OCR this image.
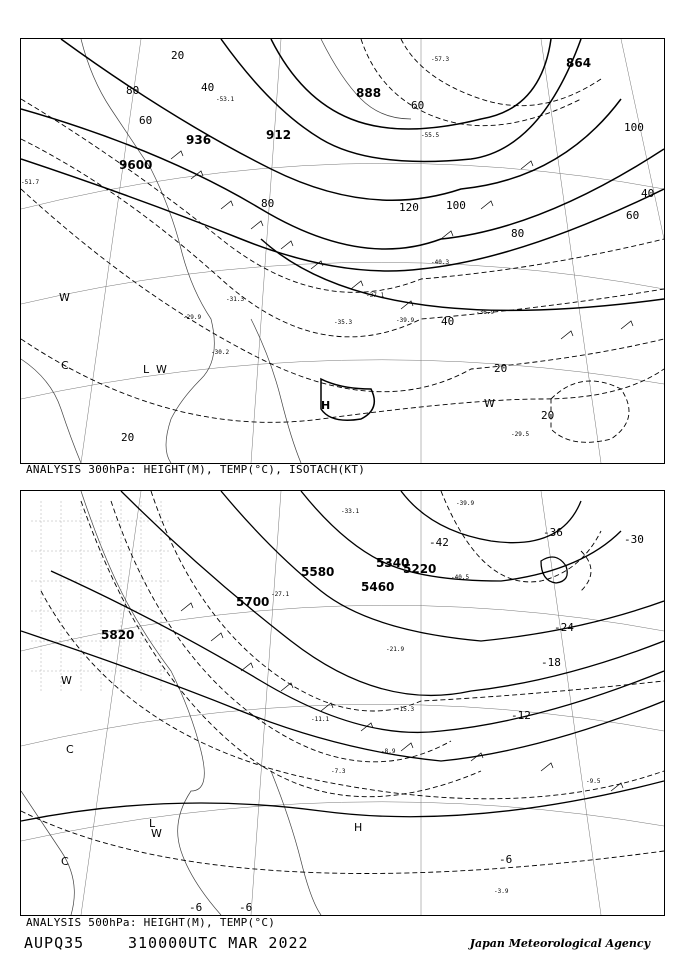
9600
936	912
888
864
80
60
40
20
120 100
80
60
40
20
100
80
60
40
20
20
-30.2
-31.3
-35.3
-36.9
-39.9
-29.9
-29.5
-37.1
-40.3
-51.7
-53.1
-57.3
-55.5
H
L
W
W
W
C
ANALYSIS 300hPa: HEIGHT(M), TEMP(°C), ISOTACH(KT)
5820
5700
5580
5460
5340
5220
-42
-36
-30
-24
-18
-12
-6
-6	-6
-8.9
-7.3
-11.1
-15.3
-21.9
-27.1
-33.1
-40.5
-39.9
-9.5
-3.9
H
L
C
W
C
W
ANALYSIS 500hPa: HEIGHT(M), TEMP(°C)
AUPQ35	310000UTC MAR 2022	Japan Meteorological Agency
